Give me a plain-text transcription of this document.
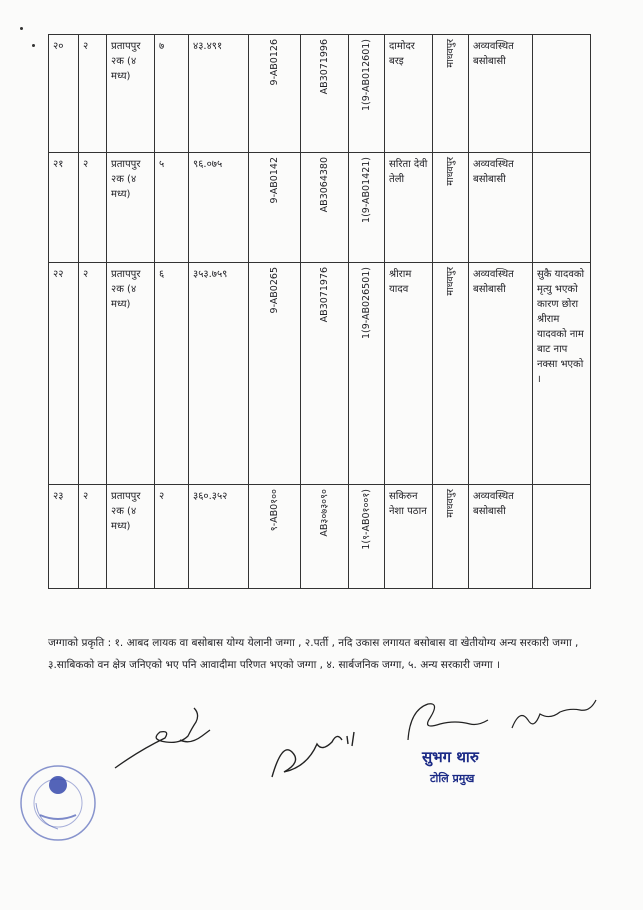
२०	२	प्रतापपुर २क (४ मध्य)	७	४३.४९१	9-AB0126	AB3071996	1(9-AB012601)	दामोदर बरइ	माधवपुर	अव्यवस्थित बसोबासी	
२१	२	प्रतापपुर २क (४ मध्य)	५	९६.०७५	9-AB0142	AB3064380	1(9-AB01421)	सरिता देवी तेली	माधवपुर	अव्यवस्थित बसोबासी	
२२	२	प्रतापपुर २क (४ मध्य)	६	३५३.७५९	9-AB0265	AB3071976	1(9-AB026501)	श्रीराम यादव	माधवपुर	अव्यवस्थित बसोबासी	सुकै यादवको मृत्यु भएको कारण छोरा श्रीराम यादवको नाम बाट नाप नक्सा भएको ।
२३	२	प्रतापपुर २क (४ मध्य)	२	३६०.३५२	९-AB0१००	AB३०७३०९०	1(९-AB0१००१)	सकिरुन नेशा पठान	माधवपुर	अव्यवस्थित बसोबासी	
जग्गाको प्रकृति : १. आबद लायक वा बसोबास योग्य येलानी जग्गा , २.पर्ती , नदि उकास लगायत बसोबास वा खेतीयोग्य अन्य सरकारी जग्गा , ३.साबिकको वन क्षेत्र जनिएको भए पनि आवादीमा परिणत भएको जग्गा , ४. सार्बजनिक जग्गा, ५. अन्य सरकारी जग्गा ।
सुभग थारु
टोलि प्रमुख
